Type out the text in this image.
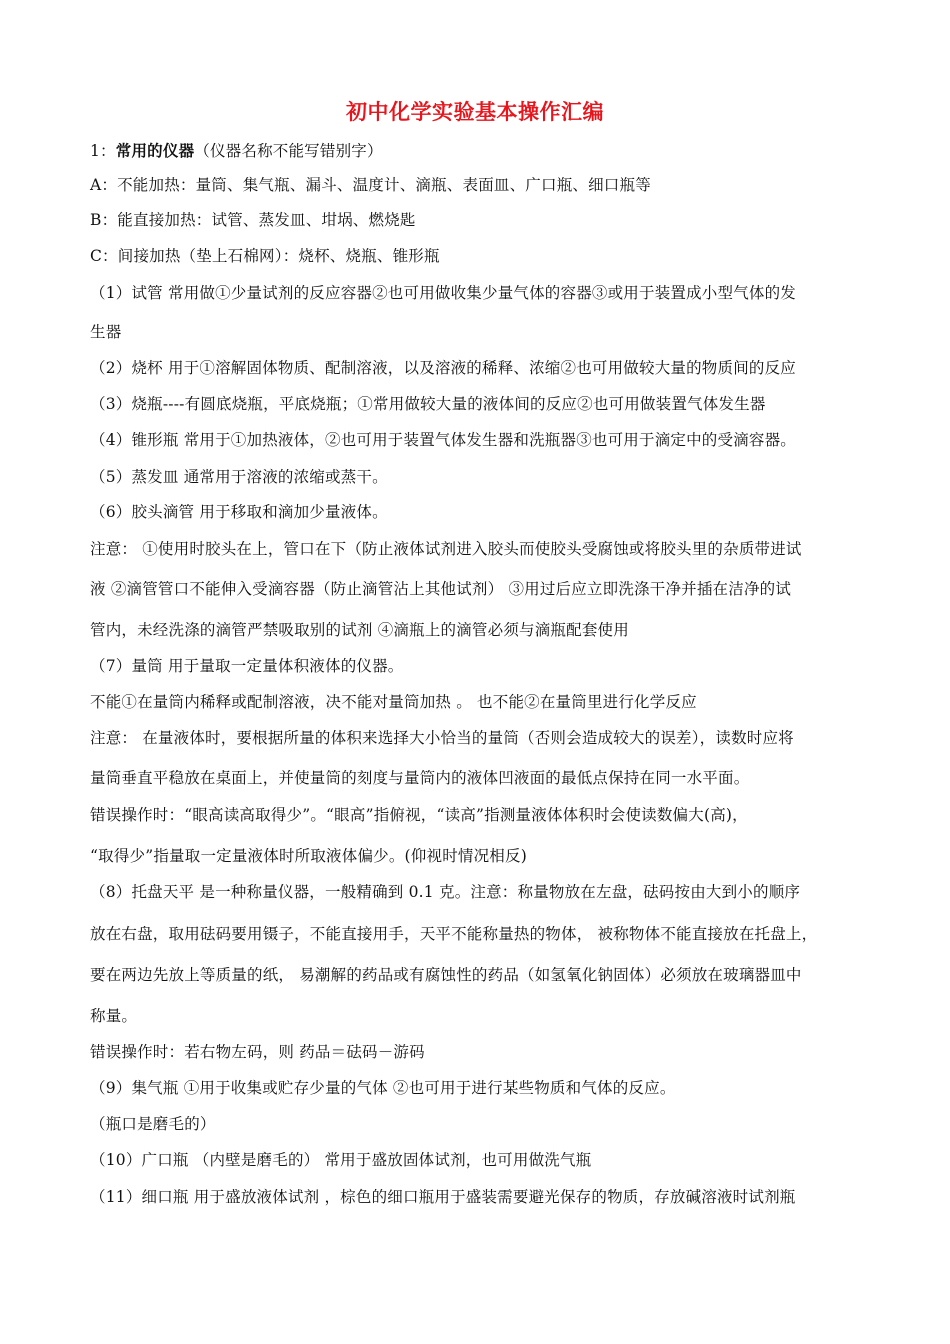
初中化学实验基本操作汇编
1：常用的仪器（仪器名称不能写错别字）
A：不能加热：量筒、集气瓶、漏斗、温度计、滴瓶、表面皿、广口瓶、细口瓶等
B：能直接加热：试管、蒸发皿、坩埚、燃烧匙
C：间接加热（垫上石棉网）：烧杯、烧瓶、锥形瓶
（1）试管 常用做①少量试剂的反应容器②也可用做收集少量气体的容器③或用于装置成小型气体的发
生器
（2）烧杯 用于①溶解固体物质、配制溶液，以及溶液的稀释、浓缩②也可用做较大量的物质间的反应
（3）烧瓶----有圆底烧瓶，平底烧瓶；①常用做较大量的液体间的反应②也可用做装置气体发生器
（4）锥形瓶 常用于①加热液体，②也可用于装置气体发生器和洗瓶器③也可用于滴定中的受滴容器。
（5）蒸发皿 通常用于溶液的浓缩或蒸干。
（6）胶头滴管 用于移取和滴加少量液体。
注意： ①使用时胶头在上，管口在下（防止液体试剂进入胶头而使胶头受腐蚀或将胶头里的杂质带进试
液 ②滴管管口不能伸入受滴容器（防止滴管沾上其他试剂） ③用过后应立即洗涤干净并插在洁净的试
管内，未经洗涤的滴管严禁吸取别的试剂 ④滴瓶上的滴管必须与滴瓶配套使用
（7）量筒 用于量取一定量体积液体的仪器。
不能①在量筒内稀释或配制溶液，决不能对量筒加热 。 也不能②在量筒里进行化学反应
注意： 在量液体时，要根据所量的体积来选择大小恰当的量筒（否则会造成较大的误差），读数时应将
量筒垂直平稳放在桌面上，并使量筒的刻度与量筒内的液体凹液面的最低点保持在同一水平面。
错误操作时：“眼高读高取得少”。“眼高”指俯视，“读高”指测量液体体积时会使读数偏大(高)，
“取得少”指量取一定量液体时所取液体偏少。(仰视时情况相反)
（8）托盘天平 是一种称量仪器，一般精确到 0.1 克。注意：称量物放在左盘，砝码按由大到小的顺序
放在右盘，取用砝码要用镊子，不能直接用手，天平不能称量热的物体， 被称物体不能直接放在托盘上，
要在两边先放上等质量的纸， 易潮解的药品或有腐蚀性的药品（如氢氧化钠固体）必须放在玻璃器皿中
称量。
错误操作时：若右物左码，则 药品＝砝码－游码
（9）集气瓶 ①用于收集或贮存少量的气体 ②也可用于进行某些物质和气体的反应。
（瓶口是磨毛的）
（10）广口瓶 （内壁是磨毛的） 常用于盛放固体试剂，也可用做洗气瓶
（11）细口瓶 用于盛放液体试剂 ，棕色的细口瓶用于盛装需要避光保存的物质，存放碱溶液时试剂瓶
